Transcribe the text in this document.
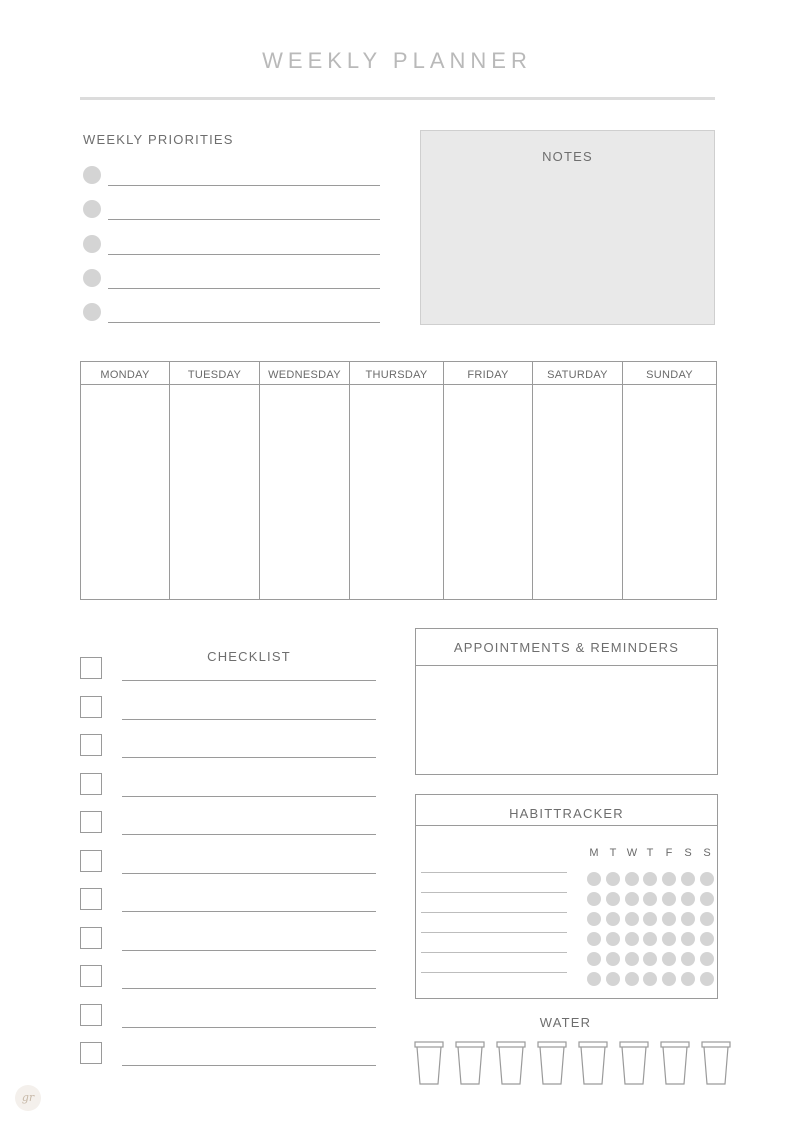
WEEKLY PLANNER
WEEKLY PRIORITIES
NOTES
MONDAY	TUESDAY	WEDNESDAY	THURSDAY	FRIDAY	SATURDAY	SUNDAY
CHECKLIST
APPOINTMENTS & REMINDERS
HABITTRACKER
M	T W T	F	S	S
WATER
gr
